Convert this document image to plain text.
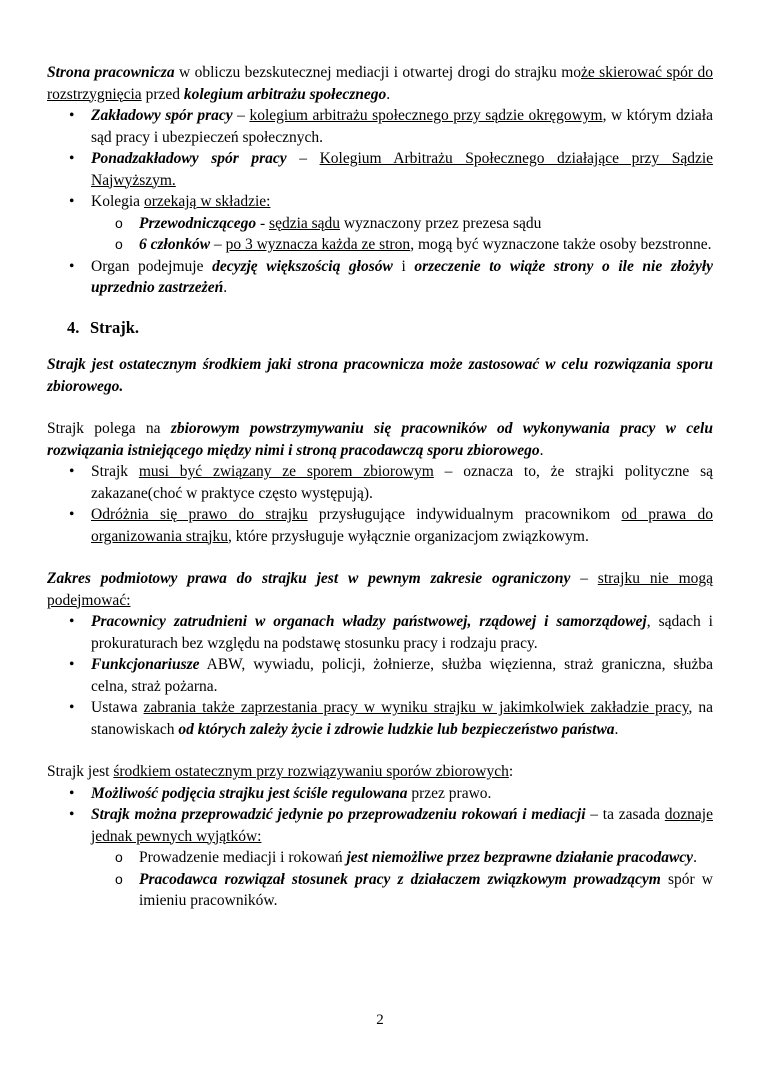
Strona pracownicza w obliczu bezskutecznej mediacji i otwartej drogi do strajku może skierować spór do rozstrzygnięcia przed kolegium arbitrażu społecznego.

• Zakładowy spór pracy – kolegium arbitrażu społecznego przy sądzie okręgowym, w którym działa sąd pracy i ubezpieczeń społecznych.
• Ponadzakładowy spór pracy – Kolegium Arbitrażu Społecznego działające przy Sądzie Najwyższym.
• Kolegia orzekają w składzie:
o Przewodniczącego - sędzia sądu wyznaczony przez prezesa sądu
o 6 członków – po 3 wyznacza każda ze stron, mogą być wyznaczone także osoby bezstronne.
• Organ podejmuje decyzję większością głosów i orzeczenie to wiąże strony o ile nie złożyły uprzednio zastrzeżeń.
4. Strajk.

Strajk jest ostatecznym środkiem jaki strona pracownicza może zastosować w celu rozwiązania sporu zbiorowego.

Strajk polega na zbiorowym powstrzymywaniu się pracowników od wykonywania pracy w celu rozwiązania istniejącego między nimi i stroną pracodawczą sporu zbiorowego.

• Strajk musi być związany ze sporem zbiorowym – oznacza to, że strajki polityczne są zakazane(choć w praktyce często występują).
• Odróżnia się prawo do strajku przysługujące indywidualnym pracownikom od prawa do organizowania strajku, które przysługuje wyłącznie organizacjom związkowym.

Zakres podmiotowy prawa do strajku jest w pewnym zakresie ograniczony – strajku nie mogą podejmować:

• Pracownicy zatrudnieni w organach władzy państwowej, rządowej i samorządowej, sądach i prokuraturach bez względu na podstawę stosunku pracy i rodzaju pracy.
• Funkcjonariusze ABW, wywiadu, policji, żołnierze, służba więzienna, straż graniczna, służba celna, straż pożarna.
• Ustawa zabrania także zaprzestania pracy w wyniku strajku w jakimkolwiek zakładzie pracy, na stanowiskach od których zależy życie i zdrowie ludzkie lub bezpieczeństwo państwa.

Strajk jest środkiem ostatecznym przy rozwiązywaniu sporów zbiorowych:

• Możliwość podjęcia strajku jest ściśle regulowana przez prawo.
• Strajk można przeprowadzić jedynie po przeprowadzeniu rokowań i mediacji – ta zasada doznaje jednak pewnych wyjątków:
o Prowadzenie mediacji i rokowań jest niemożliwe przez bezprawne działanie pracodawcy.
o Pracodawca rozwiązał stosunek pracy z działaczem związkowym prowadzącym spór w imieniu pracowników.
2
